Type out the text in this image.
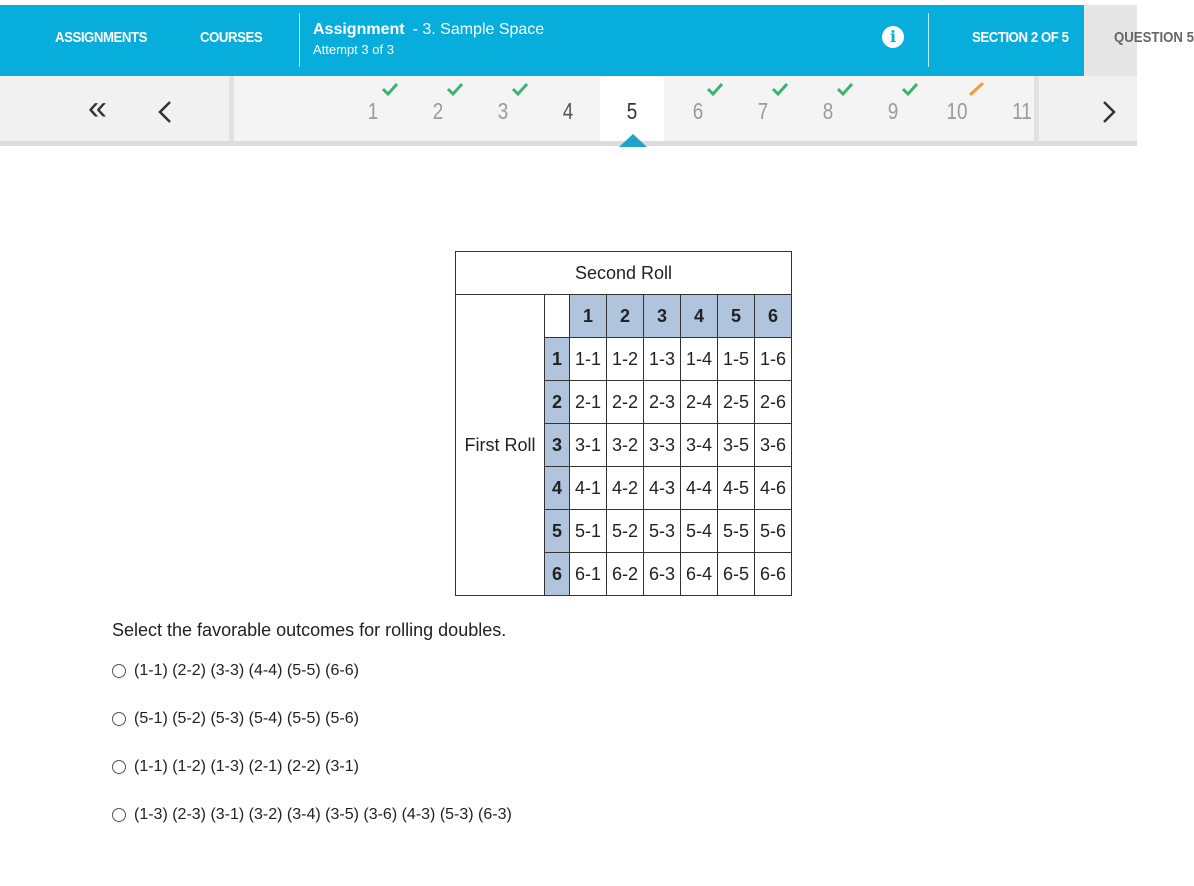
ASSIGNMENTS	COURSES	Assignment - 3. Sample Space
Attempt 3 of 3
i	SECTION 2 OF 5	QUESTION 5
«	1	2	3	4	5	6	7	8	9	10 11
Second Roll							
First Roll		1	2	3	4	5	6
	1	1-1	1-2	1-3	1-4	1-5	1-6
	2	2-1	2-2	2-3	2-4	2-5	2-6
	3	3-1	3-2	3-3	3-4	3-5	3-6
	4	4-1	4-2	4-3	4-4	4-5	4-6
	5	5-1	5-2	5-3	5-4	5-5	5-6
	6	6-1	6-2	6-3	6-4	6-5	6-6
Select the favorable outcomes for rolling doubles.
(1-1) (2-2) (3-3) (4-4) (5-5) (6-6)
(5-1) (5-2) (5-3) (5-4) (5-5) (5-6)
(1-1) (1-2) (1-3) (2-1) (2-2) (3-1)
(1-3) (2-3) (3-1) (3-2) (3-4) (3-5) (3-6) (4-3) (5-3) (6-3)
